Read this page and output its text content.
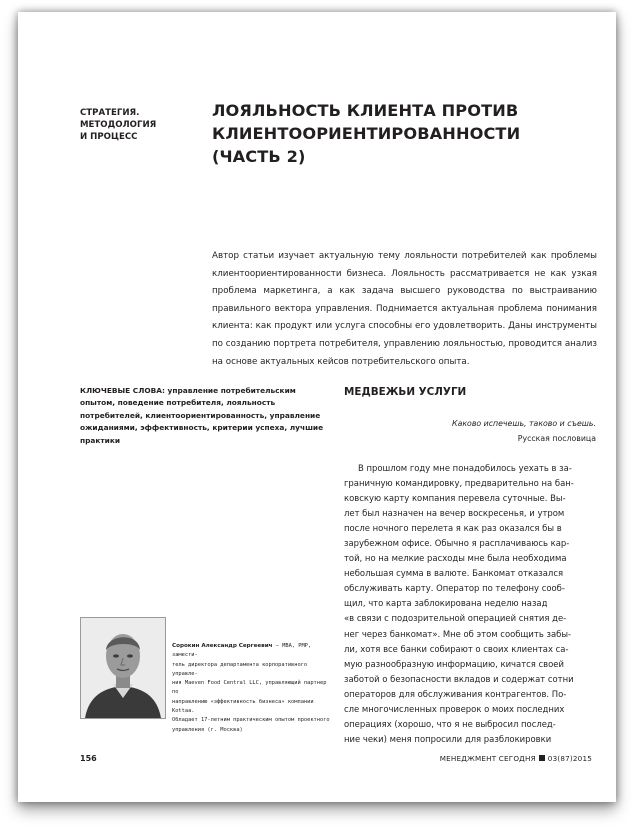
СТРАТЕГИЯ.
МЕТОДОЛОГИЯ
И ПРОЦЕСС
ЛОЯЛЬНОСТЬ КЛИЕНТА ПРОТИВ
КЛИЕНТООРИЕНТИРОВАННОСТИ (ЧАСТЬ 2)
Автор статьи изучает актуальную тему лояльности потребителей как проблемы клиентоориентированности бизнеса. Лояльность рассматривается не как узкая проблема маркетинга, а как задача высшего руководства по выстраиванию правильного вектора управления. Поднимается актуальная проблема понимания клиента: как продукт или услуга способны его удовлетворить. Даны инструменты по созданию портрета потребителя, управлению лояльностью, проводится анализ на основе актуальных кейсов потребительского опыта.
КЛЮЧЕВЫЕ СЛОВА: управление потребительским опытом, поведение потребителя, лояльность потребителей, клиентоориентированность, управление ожиданиями, эффективность, критерии успеха, лучшие практики
МЕДВЕЖЬИ УСЛУГИ
Каково испечешь, таково и съешь.
Русская пословица
В прошлом году мне понадобилось уехать в за-
граничную командировку, предварительно на бан-
ковскую карту компания перевела суточные. Вы-
лет был назначен на вечер воскресенья, и утром
после ночного перелета я как раз оказался бы в
зарубежном офисе. Обычно я расплачиваюсь кар-
той, но на мелкие расходы мне была необходима
небольшая сумма в валюте. Банкомат отказался
обслуживать карту. Оператор по телефону сооб-
щил, что карта заблокирована неделю назад
«в связи с подозрительной операцией снятия де-
нег через банкомат». Мне об этом сообщить забы-
ли, хотя все банки собирают о своих клиентах са-
мую разнообразную информацию, кичатся своей
заботой о безопасности вкладов и содержат сотни
операторов для обслуживания контрагентов. По-
сле многочисленных проверок о моих последних
операциях (хорошо, что я не выбросил послед-
ние чеки) меня попросили для разблокировки
Сорокин Александр Сергеевич — MBA, PMP, замести-
тель директора департамента корпоративного управле-
ния Maeven Food Central LLC, управляющий партнер по
направлению «эффективность бизнеса» компании Kottaa.
Обладает 17-летним практическим опытом проектного
управления (г. Москва)
156	МЕНЕДЖМЕНТ СЕГОДНЯ 03(87)2015
